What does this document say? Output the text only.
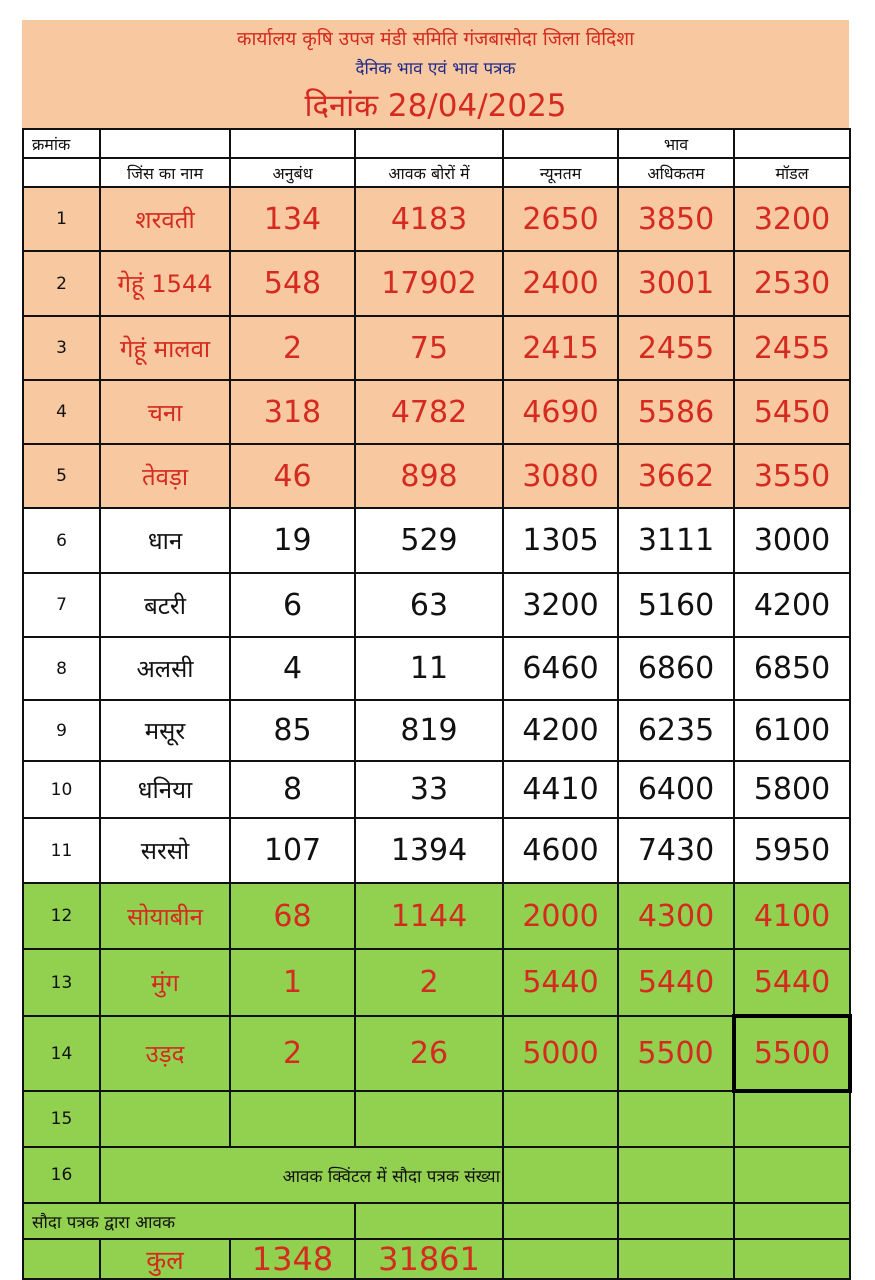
कार्यालय कृषि उपज मंडी समिति गंजबासोदा जिला विदिशा
दैनिक भाव एवं भाव पत्रक
दिनांक 28/04/2025
क्रमांक					भाव	
	जिंस का नाम	अनुबंध	आवक बोरों में	न्यूनतम	अधिकतम	मॉडल
1	शरवती	134	4183	2650	3850	3200
2	गेहूं 1544	548	17902	2400	3001	2530
3	गेहूं मालवा	2	75	2415	2455	2455
4	चना	318	4782	4690	5586	5450
5	तेवड़ा	46	898	3080	3662	3550
6	धान	19	529	1305	3111	3000
7	बटरी	6	63	3200	5160	4200
8	अलसी	4	11	6460	6860	6850
9	मसूर	85	819	4200	6235	6100
10	धनिया	8	33	4410	6400	5800
11	सरसो	107	1394	4600	7430	5950
12	सोयाबीन	68	1144	2000	4300	4100
13	मुंग	1	2	5440	5440	5440
14	उड़द	2	26	5000	5500	5500
15						
16	आवक क्विंटल में सौदा पत्रक संख्या					
सौदा पत्रक द्वारा आवक						
	कुल	1348	31861			
